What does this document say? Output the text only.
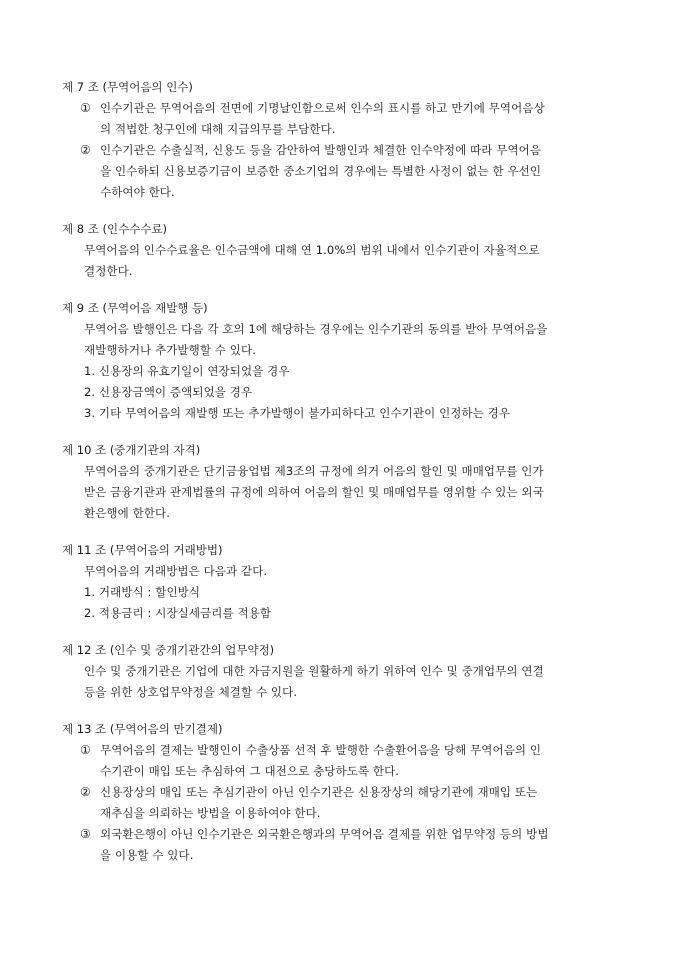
제 7 조 (무역어음의 인수)
① 인수기관은 무역어음의 전면에 기명날인함으로써 인수의 표시를 하고 만기에 무역어음상
의 적법한 청구인에 대해 지급의무를 부담한다.
② 인수기관은 수출실적, 신용도 등을 감안하여 발행인과 체결한 인수약정에 따라 무역어음
을 인수하되 신용보증기금이 보증한 중소기업의 경우에는 특별한 사정이 없는 한 우선인
수하여야 한다.
제 8 조 (인수수수료)
무역어음의 인수수료율은 인수금액에 대해 연 1.0%의 범위 내에서 인수기관이 자율적으로
결정한다.
제 9 조 (무역어음 재발행 등)
무역어음 발행인은 다음 각 호의 1에 해당하는 경우에는 인수기관의 동의를 받아 무역어음을
재발행하거나 추가발행할 수 있다.
1. 신용장의 유효기일이 연장되었을 경우
2. 신용장금액이 증액되었을 경우
3. 기타 무역어음의 재발행 또는 추가발행이 불가피하다고 인수기관이 인정하는 경우
제 10 조 (중개기관의 자격)
무역어음의 중개기관은 단기금융업법 제3조의 규정에 의거 어음의 할인 및 매매업무를 인가
받은 금융기관과 관계법률의 규정에 의하여 어음의 할인 및 매매업무를 영위할 수 있는 외국
환은행에 한한다.
제 11 조 (무역어음의 거래방법)
무역어음의 거래방법은 다음과 같다.
1. 거래방식 : 할인방식
2. 적용금리 : 시장실세금리를 적용함
제 12 조 (인수 및 중개기관간의 업무약정)
인수 및 중개기관은 기업에 대한 자금지원을 원활하게 하기 위하여 인수 및 중개업무의 연결
등을 위한 상호업무약정을 체결할 수 있다.
제 13 조 (무역어음의 만기결제)
① 무역어음의 결제는 발행인이 수출상품 선적 후 발행한 수출환어음을 당해 무역어음의 인
수기관이 매입 또는 추심하여 그 대전으로 충당하도록 한다.
② 신용장상의 매입 또는 추심기관이 아닌 인수기관은 신용장상의 해당기관에 재매입 또는
재추심을 의뢰하는 방법을 이용하여야 한다.
③ 외국환은행이 아닌 인수기관은 외국환은행과의 무역어음 결제를 위한 업무약정 등의 방법
을 이용할 수 있다.
